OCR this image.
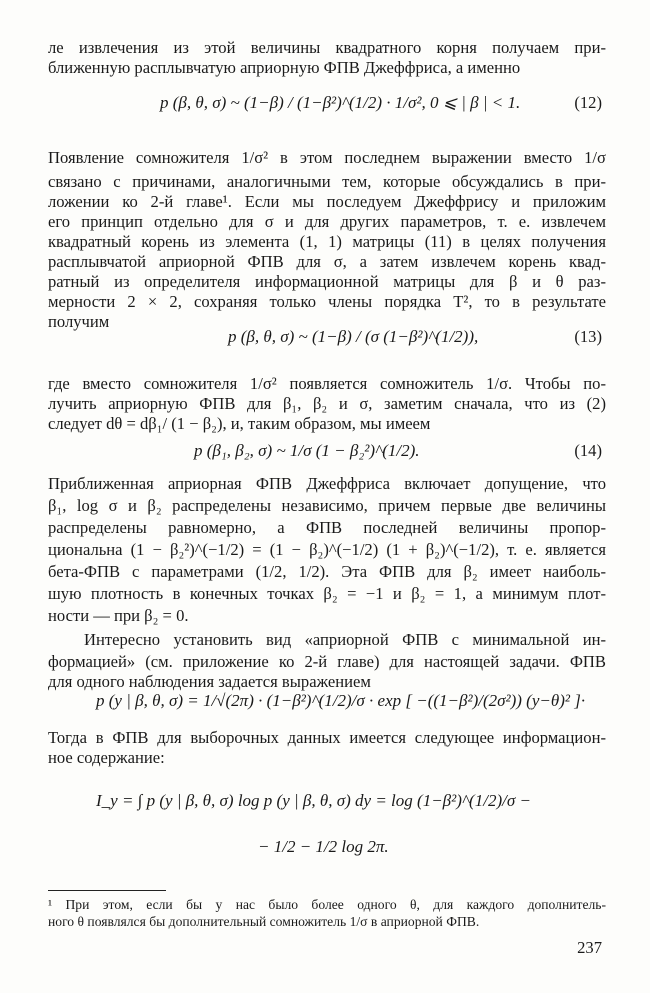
ле извлечения из этой величины квадратного корня получаем при-
ближенную расплывчатую априорную ФПВ Джеффриса, а именно
p (β, θ, σ) ~ (1−β) / (1−β²)^(1/2) · 1/σ², 0 ⩽ | β | < 1.	(12)
Появление сомножителя 1/σ² в этом последнем выражении вместо 1/σ
связано с причинами, аналогичными тем, которые обсуждались в при-
ложении ко 2-й главе¹. Если мы последуем Джеффрису и приложим
его принцип отдельно для σ и для других параметров, т. е. извлечем
квадратный корень из элемента (1, 1) матрицы (11) в целях получения
расплывчатой априорной ФПВ для σ, а затем извлечем корень квад-
ратный из определителя информационной матрицы для β и θ раз-
мерности 2 × 2, сохраняя только члены порядка T², то в результате
получим
p (β, θ, σ) ~ (1−β) / (σ (1−β²)^(1/2)),	(13)
где вместо сомножителя 1/σ² появляется сомножитель 1/σ. Чтобы по-
лучить априорную ФПВ для β₁, β₂ и σ, заметим сначала, что из (2)
следует dθ = dβ₁/ (1 − β₂), и, таким образом, мы имеем
p (β₁, β₂, σ) ~ 1/σ (1 − β₂²)^(1/2).	(14)
Приближенная априорная ФПВ Джеффриса включает допущение, что
β₁, log σ и β₂ распределены независимо, причем первые две величины
распределены равномерно, а ФПВ последней величины пропор-
циональна (1 − β₂²)^(−1/2) = (1 − β₂)^(−1/2) (1 + β₂)^(−1/2), т. е. является
бета-ФПВ с параметрами (1/2, 1/2). Эта ФПВ для β₂ имеет наиболь-
шую плотность в конечных точках β₂ = −1 и β₂ = 1, а минимум плот-
ности — при β₂ = 0.
Интересно установить вид «априорной ФПВ с минимальной ин-
формацией» (см. приложение ко 2-й главе) для настоящей задачи. ФПВ
для одного наблюдения задается выражением
p (y | β, θ, σ) = 1/√(2π) · (1−β²)^(1/2)/σ · exp [ −((1−β²)/(2σ²)) (y−θ)² ]·
Тогда в ФПВ для выборочных данных имеется следующее информацион-
ное содержание:
I_y = ∫ p (y | β, θ, σ) log p (y | β, θ, σ) dy = log (1−β²)^(1/2)/σ −
− 1/2 − 1/2 log 2π.
¹ При этом, если бы у нас было более одного θ, для каждого дополнитель-
ного θ появлялся бы дополнительный сомножитель 1/σ в априорной ФПВ.
237
